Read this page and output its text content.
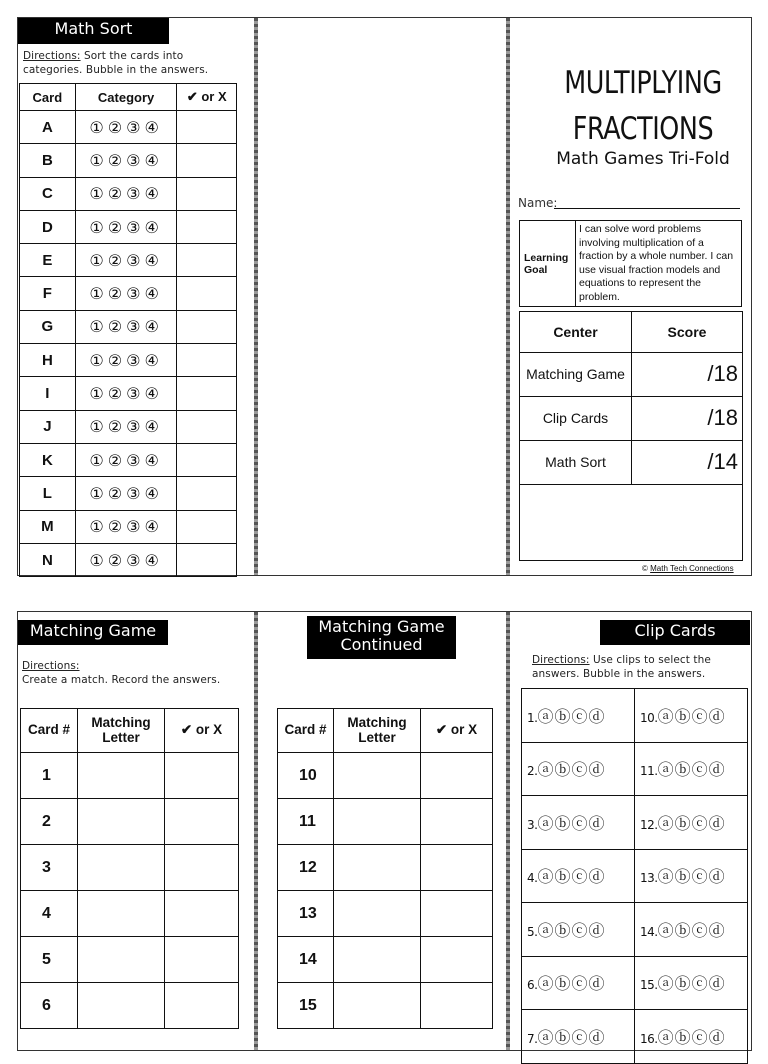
Math Sort
Directions: Sort the cards into categories. Bubble in the answers.
Card	Category	✔ or X
A	①②③④	
B	①②③④	
C	①②③④	
D	①②③④	
E	①②③④	
F	①②③④	
G	①②③④	
H	①②③④	
I	①②③④	
J	①②③④	
K	①②③④	
L	①②③④	
M	①②③④	
N	①②③④	
MULTIPLYING
FRACTIONS
Math Games Tri-Fold
Name:
Learning Goal	I can solve word problems involving multiplication of a fraction by a whole number. I can use visual fraction models and equations to represent the problem.
Center	Score
Matching Game	/18
Clip Cards	/18
Math Sort	/14

© Math Tech Connections
Matching Game
Directions:
Create a match. Record the answers.
Card #	Matching Letter	✔ or X
1		
2		
3		
4		
5		
6		
Matching Game Continued
Card #	Matching Letter	✔ or X
10		
11		
12		
13		
14		
15		
Clip Cards
Directions: Use clips to select the answers. Bubble in the answers.
1.ⓐⓑⓒⓓ	10.ⓐⓑⓒⓓ
2.ⓐⓑⓒⓓ	11.ⓐⓑⓒⓓ
3.ⓐⓑⓒⓓ	12.ⓐⓑⓒⓓ
4.ⓐⓑⓒⓓ	13.ⓐⓑⓒⓓ
5.ⓐⓑⓒⓓ	14.ⓐⓑⓒⓓ
6.ⓐⓑⓒⓓ	15.ⓐⓑⓒⓓ
7.ⓐⓑⓒⓓ	16.ⓐⓑⓒⓓ
